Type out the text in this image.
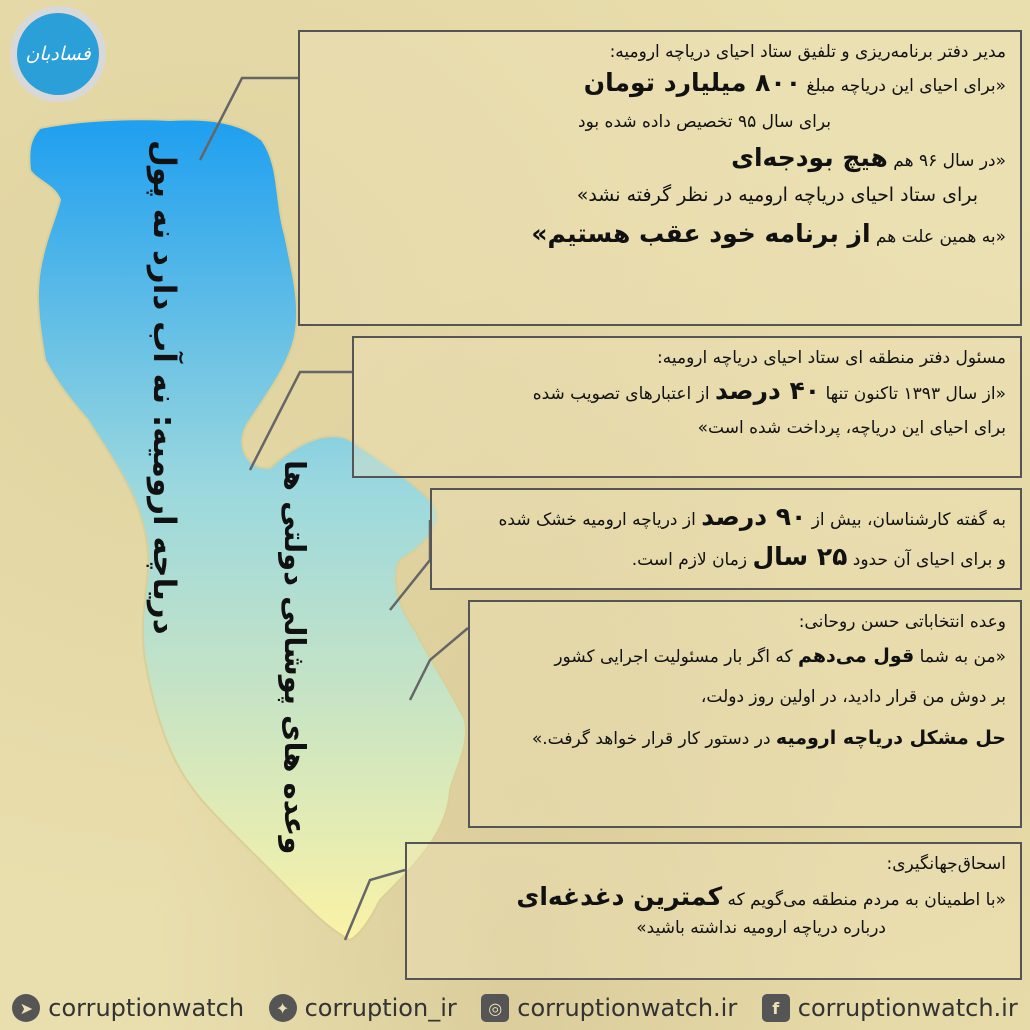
فسادبان
دریاچه ارومیه: نه آب دارد نه پول
وعده های پوشالی دولتی ها
مدیر دفتر برنامه‌ریزی و تلفیق ستاد احیای دریاچه ارومیه:
«برای احیای این دریاچه مبلغ ۸۰۰ میلیارد تومان
برای سال ۹۵ تخصیص داده شده بود
«در سال ۹۶ هم هیچ بودجه‌ای
برای ستاد احیای دریاچه ارومیه در نظر گرفته نشد»
«به همین علت هم از برنامه خود عقب هستیم»
مسئول دفتر منطقه ای ستاد احیای دریاچه ارومیه:
«از سال ۱۳۹۳ تاکنون تنها ۴۰ درصد از اعتبارهای تصویب شده
برای احیای این دریاچه، پرداخت شده است»
به گفته کارشناسان، بیش از ۹۰ درصد از دریاچه ارومیه خشک شده
و برای احیای آن حدود ۲۵ سال زمان لازم است.
وعده انتخاباتی حسن روحانی:
«من به شما قول می‌دهم که اگر بار مسئولیت اجرایی کشور
بر دوش من قرار دادید، در اولین روز دولت،
حل مشکل دریاچه ارومیه در دستور کار قرار خواهد گرفت.»
اسحاق‌جهانگیری:
«با اطمینان به مردم منطقه می‌گویم که کمترین دغدغه‌ای
درباره دریاچه ارومیه نداشته باشید»
➤ corruptionwatch	✦ corruption_ir	◎ corruptionwatch.ir	f corruptionwatch.ir
